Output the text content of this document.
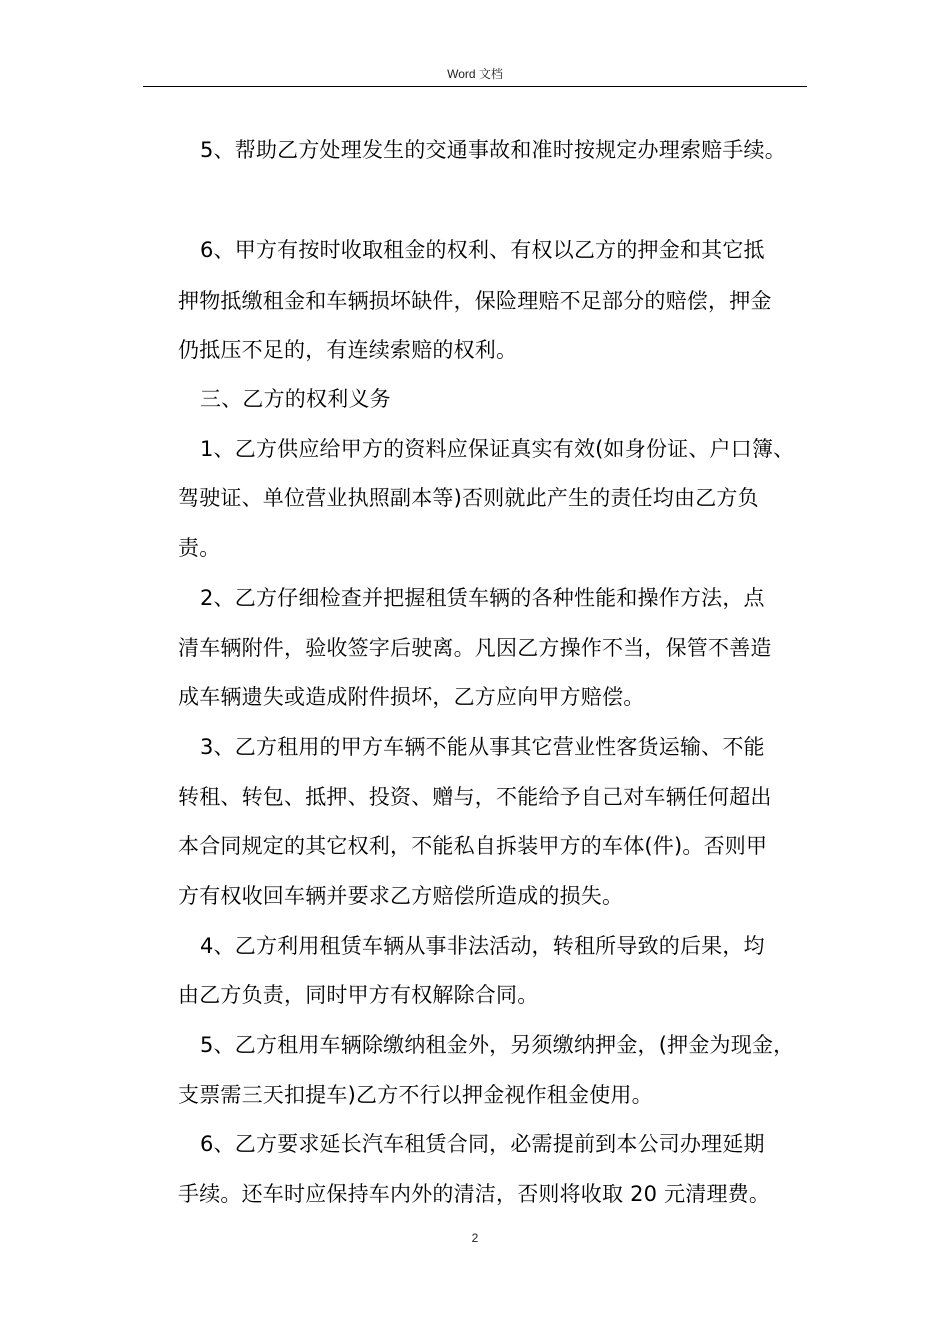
Word 文档
5、帮助乙方处理发生的交通事故和准时按规定办理索赔手续。
6、甲方有按时收取租金的权利、有权以乙方的押金和其它抵
押物抵缴租金和车辆损坏缺件，保险理赔不足部分的赔偿，押金
仍抵压不足的，有连续索赔的权利。
三、乙方的权利义务
1、乙方供应给甲方的资料应保证真实有效(如身份证、户口簿、
驾驶证、单位营业执照副本等)否则就此产生的责任均由乙方负
责。
2、乙方仔细检查并把握租赁车辆的各种性能和操作方法，点
清车辆附件，验收签字后驶离。凡因乙方操作不当，保管不善造
成车辆遗失或造成附件损坏，乙方应向甲方赔偿。
3、乙方租用的甲方车辆不能从事其它营业性客货运输、不能
转租、转包、抵押、投资、赠与，不能给予自己对车辆任何超出
本合同规定的其它权利，不能私自拆装甲方的车体(件)。否则甲
方有权收回车辆并要求乙方赔偿所造成的损失。
4、乙方利用租赁车辆从事非法活动，转租所导致的后果，均
由乙方负责，同时甲方有权解除合同。
5、乙方租用车辆除缴纳租金外，另须缴纳押金，(押金为现金，
支票需三天扣提车)乙方不行以押金视作租金使用。
6、乙方要求延长汽车租赁合同，必需提前到本公司办理延期
手续。还车时应保持车内外的清洁，否则将收取 20 元清理费。
2
